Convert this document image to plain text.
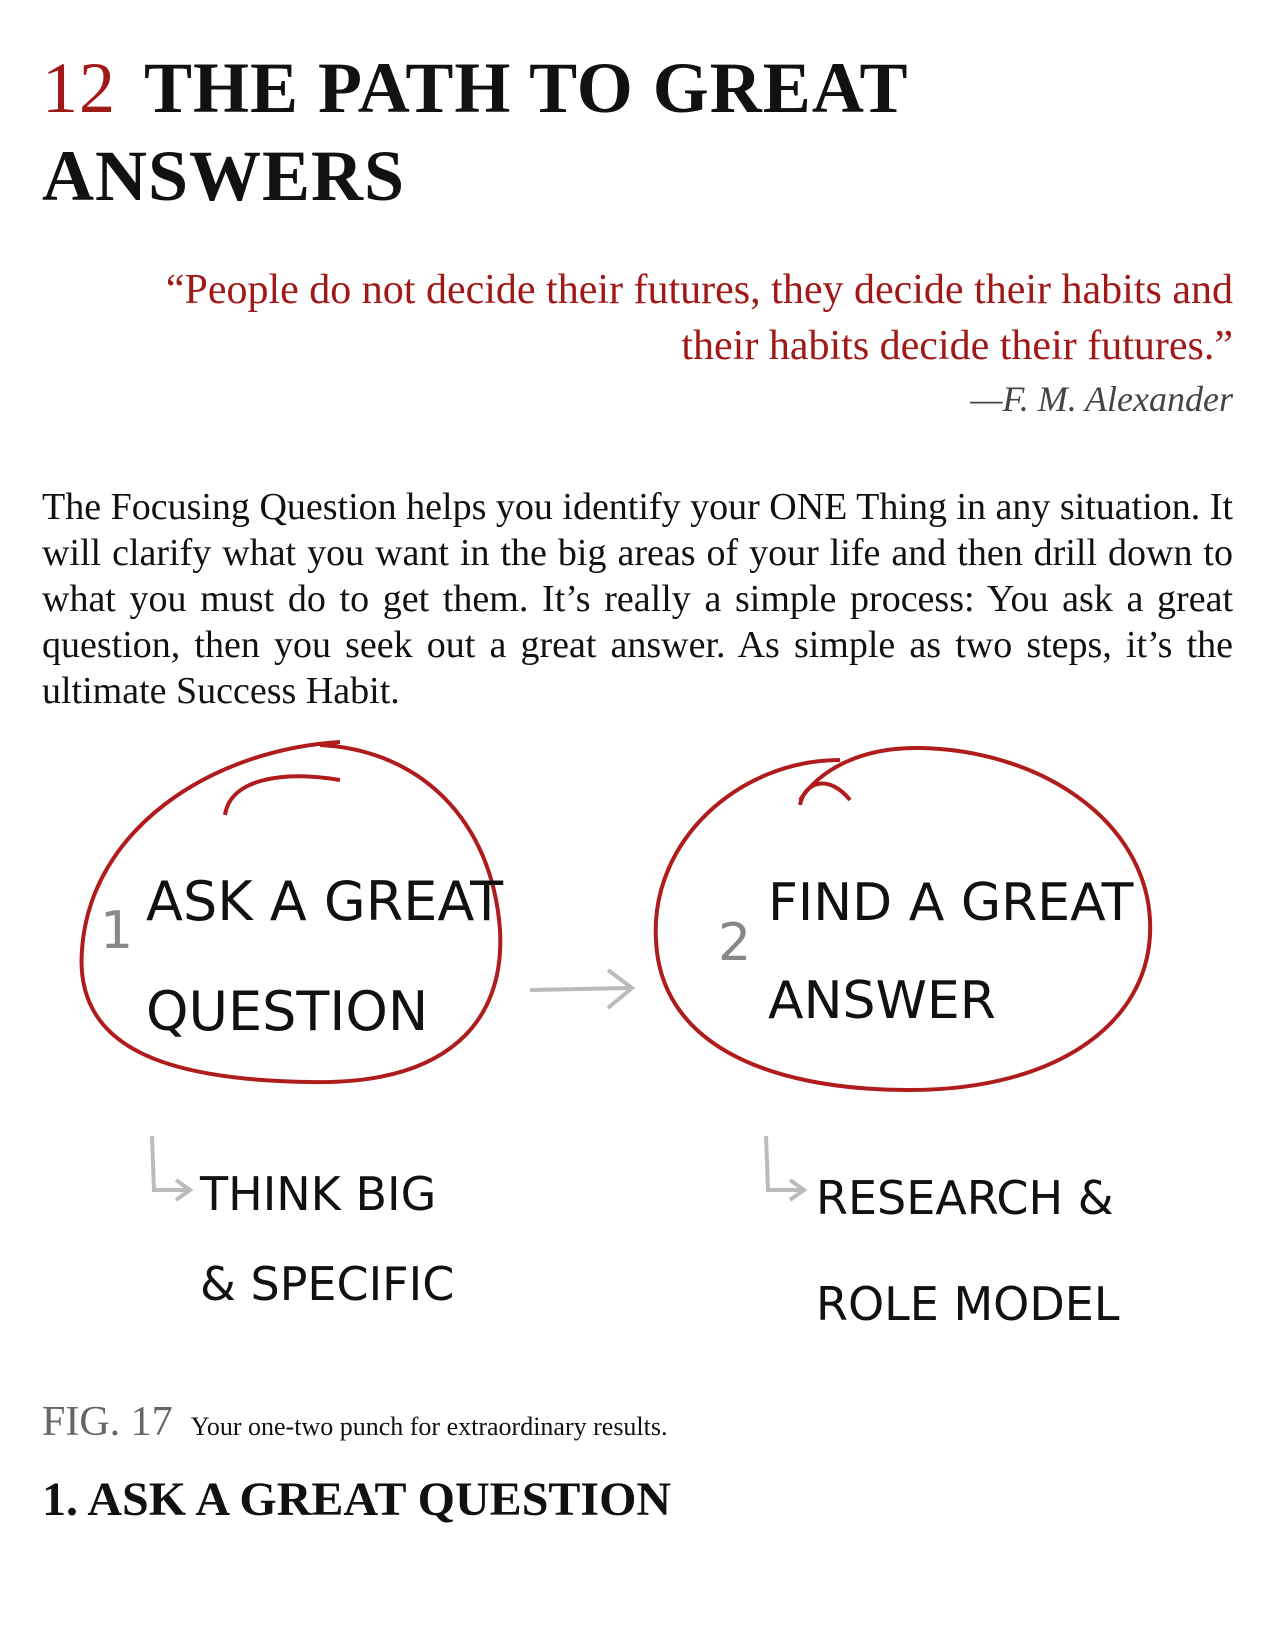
12 THE PATH TO GREAT ANSWERS
“People do not decide their futures, they decide their habits and their habits decide their futures.”
—F. M. Alexander

The Focusing Question helps you identify your ONE Thing in any situation. It will clarify what you want in the big areas of your life and then drill down to what you must do to get them. It’s really a simple process: You ask a great question, then you seek out a great answer. As simple as two steps, it’s the ultimate Success Habit.

1	2
ASK A GREAT
QUESTION
FIND A GREAT
ANSWER
THINK BIG
& SPECIFIC
RESEARCH &
ROLE MODEL
FIG. 17 Your one-two punch for extraordinary results.
1. ASK A GREAT QUESTION
